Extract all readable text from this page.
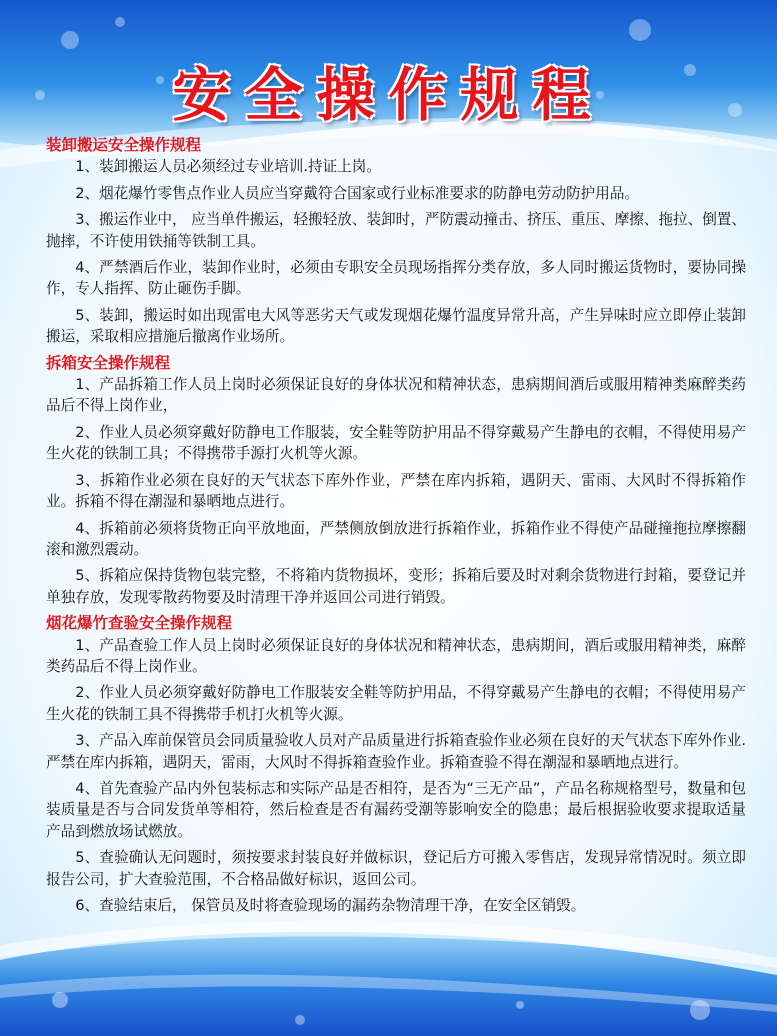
安全操作规程

装卸搬运安全操作规程

1、装卸搬运人员必须经过专业培训.持证上岗。

2、烟花爆竹零售点作业人员应当穿戴符合国家或行业标准要求的防静电劳动防护用品。

3、搬运作业中， 应当单件搬运，轻搬轻放、装卸时，严防震动撞击、挤压、重压、摩擦、拖拉、倒置、抛摔，不许使用铁捅等铁制工具。

4、严禁酒后作业，装卸作业时，必须由专职安全员现场指挥分类存放，多人同时搬运货物时，要协同操作，专人指挥、防止砸伤手脚。

5、装卸，搬运时如出现雷电大风等恶劣天气或发现烟花爆竹温度异常升高，产生异味时应立即停止装卸搬运，采取相应措施后撤离作业场所。

拆箱安全操作规程

1、产品拆箱工作人员上岗时必须保证良好的身体状况和精神状态，患病期间酒后或服用精神类麻醉类药品后不得上岗作业，

2、作业人员必须穿戴好防静电工作服装，安全鞋等防护用品不得穿戴易产生静电的衣帽，不得使用易产生火花的铁制工具；不得携带手源打火机等火源。

3、拆箱作业必须在良好的天气状态下库外作业，严禁在库内拆箱，遇阴天、雷雨、大风时不得拆箱作业。拆箱不得在潮湿和暴晒地点进行。

4、拆箱前必须将货物正向平放地面，严禁侧放倒放进行拆箱作业，拆箱作业不得使产品碰撞拖拉摩擦翻滚和激烈震动。

5、拆箱应保持货物包装完整，不将箱内货物损坏，变形；拆箱后要及时对剩余货物进行封箱，要登记并单独存放，发现零散药物要及时清理干净并返回公司进行销毁。

烟花爆竹查验安全操作规程

1、产品查验工作人员上岗时必须保证良好的身体状况和精神状态，患病期间，酒后或服用精神类，麻醉类药品后不得上岗作业。

2、作业人员必须穿戴好防静电工作服装安全鞋等防护用品，不得穿戴易产生静电的衣帽；不得使用易产生火花的铁制工具不得携带手机打火机等火源。

3、产品入库前保管员会同质量验收人员对产品质量进行拆箱查验作业必须在良好的天气状态下库外作业.严禁在库内拆箱，遇阴天，雷雨，大风时不得拆箱查验作业。拆箱查验不得在潮湿和暴晒地点进行。

4、首先查验产品内外包装标志和实际产品是否相符，是否为“三无产品”，产品名称规格型号，数量和包装质量是否与合同发货单等相符，然后检查是否有漏药受潮等影响安全的隐患；最后根据验收要求提取适量产品到燃放场试燃放。

5、查验确认无问题时，须按要求封装良好并做标识，登记后方可搬入零售店，发现异常情况时。须立即报告公司，扩大查验范围，不合格品做好标识，返回公司。

6、查验结束后， 保管员及时将查验现场的漏药杂物清理干净，在安全区销毁。
